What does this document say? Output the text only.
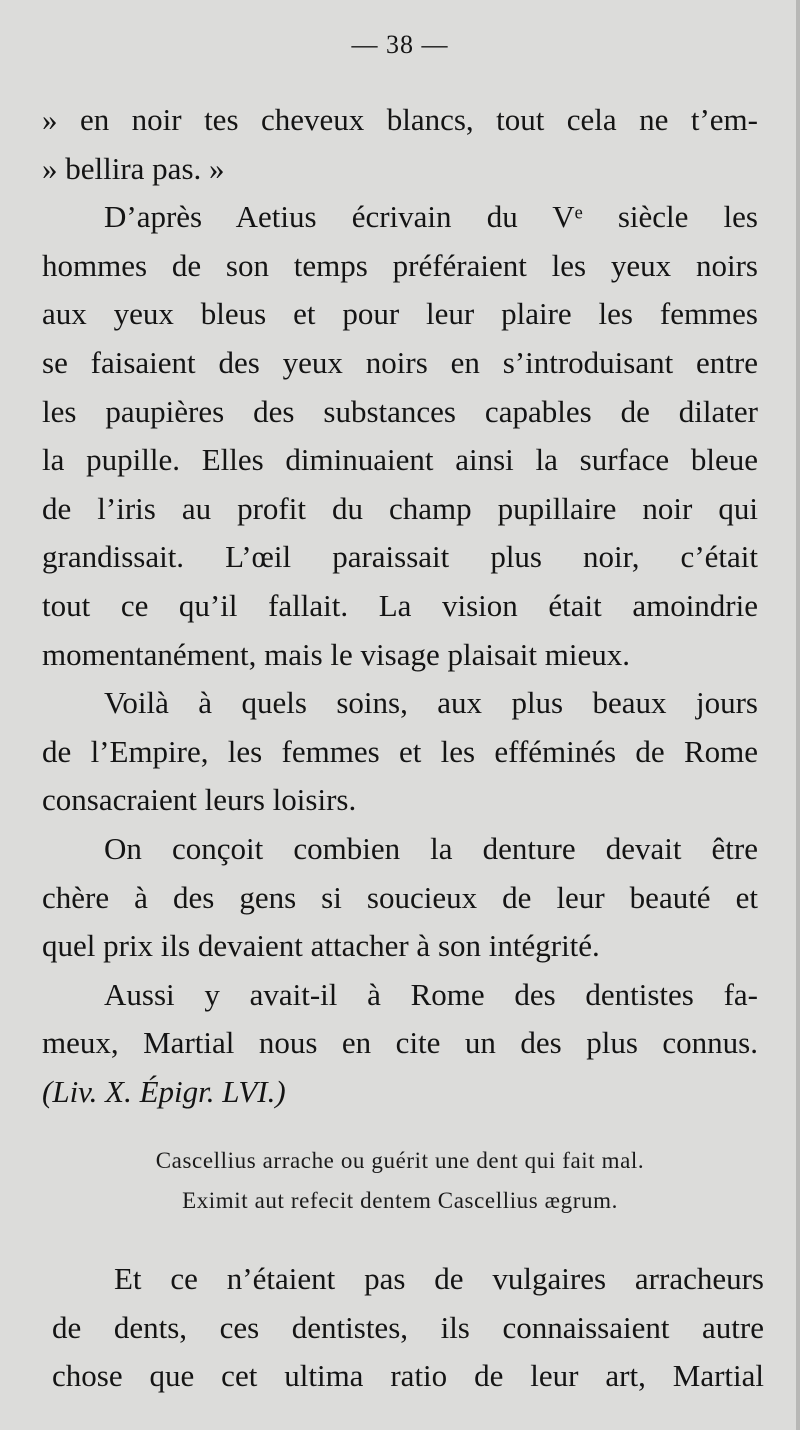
— 38 —
» en noir tes cheveux blancs, tout cela ne t’em-
» bellira pas. »
D’après Aetius écrivain du Vᵉ siècle les
hommes de son temps préféraient les yeux noirs
aux yeux bleus et pour leur plaire les femmes
se faisaient des yeux noirs en s’introduisant entre
les paupières des substances capables de dilater
la pupille. Elles diminuaient ainsi la surface bleue
de l’iris au profit du champ pupillaire noir qui
grandissait. L’œil paraissait plus noir, c’était
tout ce qu’il fallait. La vision était amoindrie
momentanément, mais le visage plaisait mieux.
Voilà à quels soins, aux plus beaux jours
de l’Empire, les femmes et les efféminés de Rome
consacraient leurs loisirs.
On conçoit combien la denture devait être
chère à des gens si soucieux de leur beauté et
quel prix ils devaient attacher à son intégrité.
Aussi y avait-il à Rome des dentistes fa-
meux, Martial nous en cite un des plus connus.
(Liv. X. Épigr. LVI.)
Cascellius arrache ou guérit une dent qui fait mal.
Eximit aut refecit dentem Cascellius ægrum.
Et ce n’étaient pas de vulgaires arracheurs
de dents, ces dentistes, ils connaissaient autre
chose que cet ultima ratio de leur art, Martial
